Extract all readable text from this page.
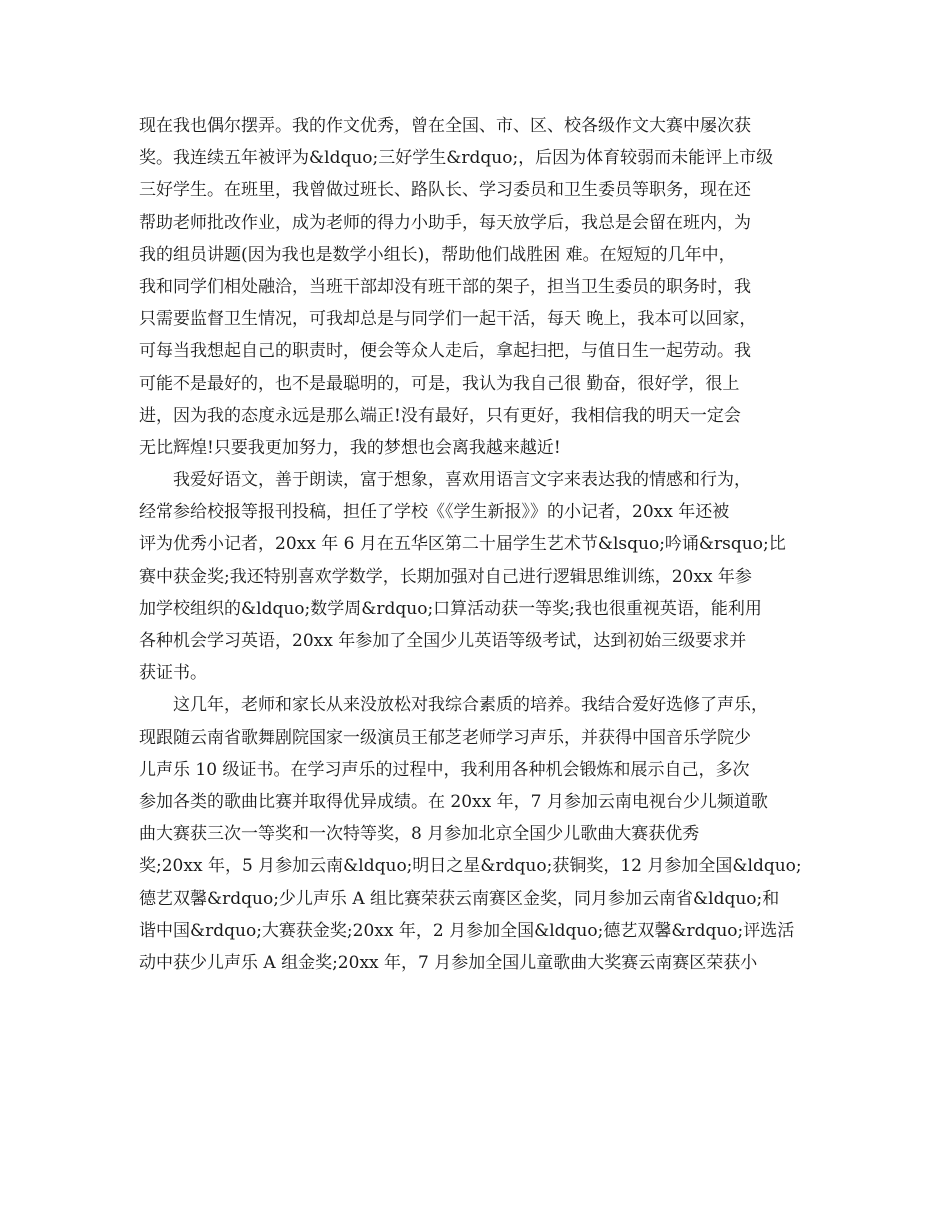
现在我也偶尔摆弄。我的作文优秀，曾在全国、市、区、校各级作文大赛中屡次获
奖。我连续五年被评为&ldquo;三好学生&rdquo;，后因为体育较弱而未能评上市级
三好学生。在班里，我曾做过班长、路队长、学习委员和卫生委员等职务，现在还
帮助老师批改作业，成为老师的得力小助手，每天放学后，我总是会留在班内，为
我的组员讲题(因为我也是数学小组长)，帮助他们战胜困 难。在短短的几年中，
我和同学们相处融洽，当班干部却没有班干部的架子，担当卫生委员的职务时，我
只需要监督卫生情况，可我却总是与同学们一起干活，每天 晚上，我本可以回家，
可每当我想起自己的职责时，便会等众人走后，拿起扫把，与值日生一起劳动。我
可能不是最好的，也不是最聪明的，可是，我认为我自己很 勤奋，很好学，很上
进，因为我的态度永远是那么端正!没有最好，只有更好，我相信我的明天一定会
无比辉煌!只要我更加努力，我的梦想也会离我越来越近!
我爱好语文，善于朗读，富于想象，喜欢用语言文字来表达我的情感和行为，
经常参给校报等报刊投稿，担任了学校《《学生新报》》的小记者，20xx 年还被
评为优秀小记者，20xx 年 6 月在五华区第二十届学生艺术节&lsquo;吟诵&rsquo;比
赛中获金奖;我还特别喜欢学数学，长期加强对自己进行逻辑思维训练，20xx 年参
加学校组织的&ldquo;数学周&rdquo;口算活动获一等奖;我也很重视英语，能利用
各种机会学习英语，20xx 年参加了全国少儿英语等级考试，达到初始三级要求并
获证书。
这几年，老师和家长从来没放松对我综合素质的培养。我结合爱好选修了声乐，
现跟随云南省歌舞剧院国家一级演员王郁芝老师学习声乐，并获得中国音乐学院少
儿声乐 10 级证书。在学习声乐的过程中，我利用各种机会锻炼和展示自己，多次
参加各类的歌曲比赛并取得优异成绩。在 20xx 年，7 月参加云南电视台少儿频道歌
曲大赛获三次一等奖和一次特等奖，8 月参加北京全国少儿歌曲大赛获优秀
奖;20xx 年，5 月参加云南&ldquo;明日之星&rdquo;获铜奖，12 月参加全国&ldquo;
德艺双馨&rdquo;少儿声乐 A 组比赛荣获云南赛区金奖，同月参加云南省&ldquo;和
谐中国&rdquo;大赛获金奖;20xx 年，2 月参加全国&ldquo;德艺双馨&rdquo;评选活
动中获少儿声乐 A 组金奖;20xx 年，7 月参加全国儿童歌曲大奖赛云南赛区荣获小
